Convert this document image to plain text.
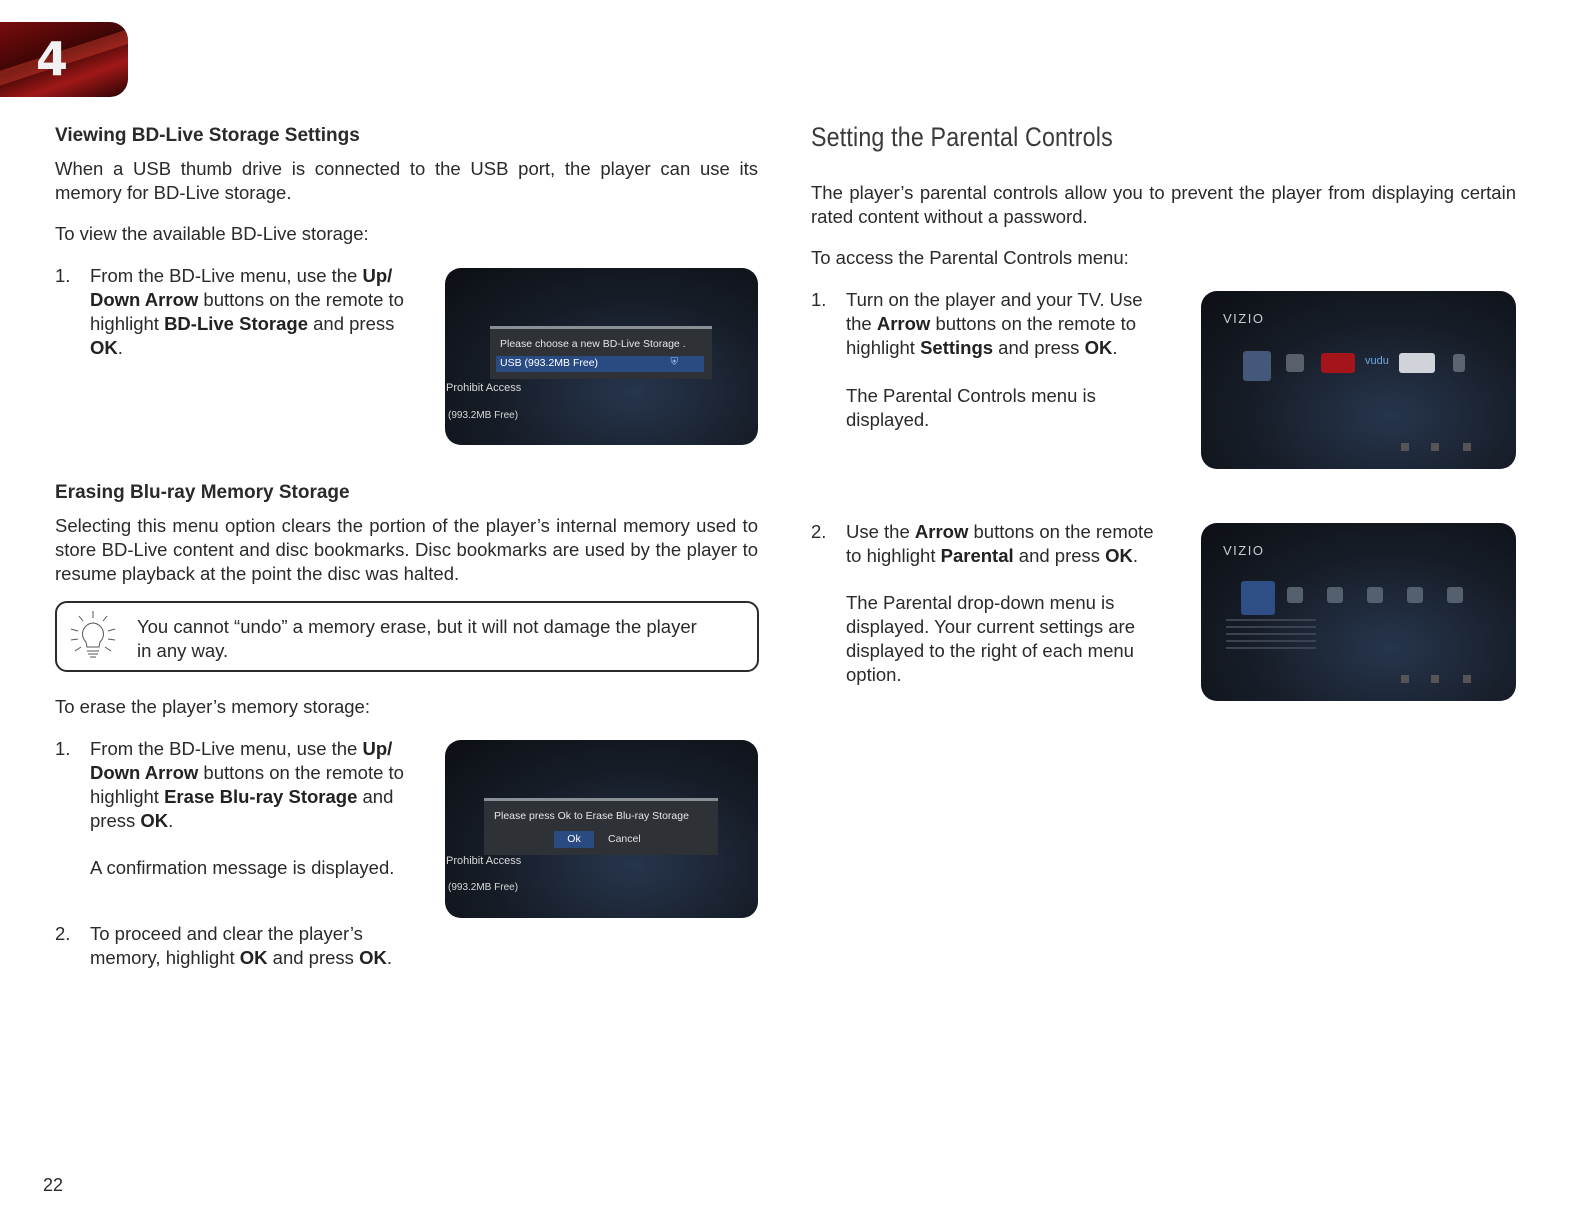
4
Viewing BD-Live Storage Settings

When a USB thumb drive is connected to the USB port, the player can use its memory for BD-Live storage.

To view the available BD-Live storage:

1. From the BD-Live menu, use the Up/
Down Arrow buttons on the remote to
highlight BD-Live Storage and press
OK.	Please choose a new BD-Live Storage .
USB (993.2MB Free)	⛨
Prohibit Access
(993.2MB Free)
Erasing Blu-ray Memory Storage

Selecting this menu option clears the portion of the player’s internal memory used to store BD-Live content and disc bookmarks. Disc bookmarks are used by the player to resume playback at the point the disc was halted.

You cannot “undo” a memory erase, but it will not damage the player
in any way.

To erase the player’s memory storage:

1. From the BD-Live menu, use the Up/
Down Arrow buttons on the remote to
highlight Erase Blu-ray Storage and
press OK.
A confirmation message is displayed.
Please press Ok to Erase Blu-ray Storage
Ok	Cancel
Prohibit Access
(993.2MB Free)
2. To proceed and clear the player’s
memory, highlight OK and press OK.
Setting the Parental Controls

The player’s parental controls allow you to prevent the player from displaying certain rated content without a password.

To access the Parental Controls menu:

1. Turn on the player and your TV. Use
the Arrow buttons on the remote to
highlight Settings and press OK.
The Parental Controls menu is
displayed.
VIZIO
vudu
2. Use the Arrow buttons on the remote
to highlight Parental and press OK.
The Parental drop-down menu is
displayed. Your current settings are
displayed to the right of each menu
option.
VIZIO
22
